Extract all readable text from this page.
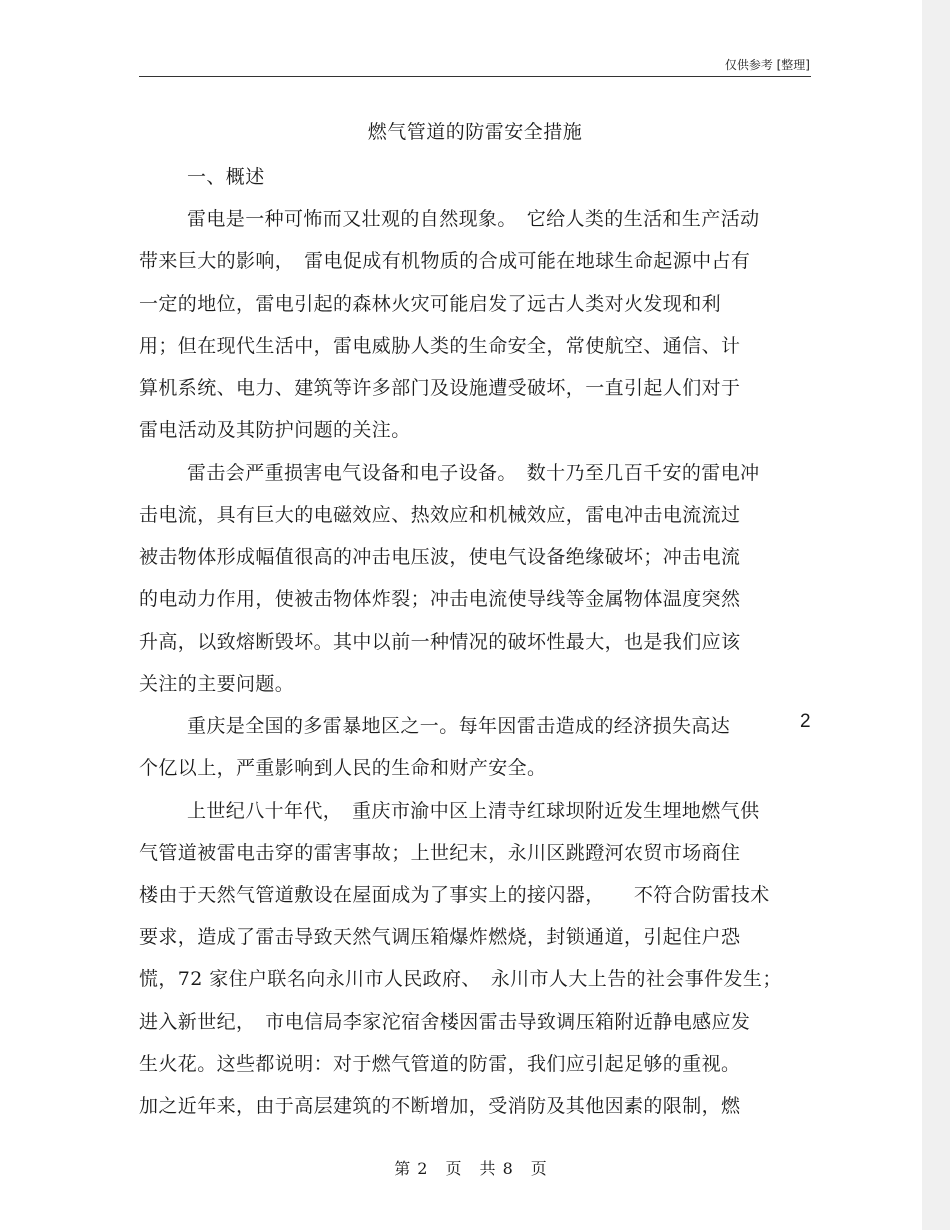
仅供参考 [整理]
燃气管道的防雷安全措施
一、概述
雷电是一种可怖而又壮观的自然现象。　它给人类的生活和生产活动
带来巨大的影响，　雷电促成有机物质的合成可能在地球生命起源中占有
一定的地位，雷电引起的森林火灾可能启发了远古人类对火发现和利
用；但在现代生活中，雷电威胁人类的生命安全，常使航空、通信、计
算机系统、电力、建筑等许多部门及设施遭受破坏，一直引起人们对于
雷电活动及其防护问题的关注。
雷击会严重损害电气设备和电子设备。　数十乃至几百千安的雷电冲
击电流，具有巨大的电磁效应、热效应和机械效应，雷电冲击电流流过
被击物体形成幅值很高的冲击电压波，使电气设备绝缘破坏；冲击电流
的电动力作用，使被击物体炸裂；冲击电流使导线等金属物体温度突然
升高，以致熔断毁坏。其中以前一种情况的破坏性最大，也是我们应该
关注的主要问题。
重庆是全国的多雷暴地区之一。每年因雷击造成的经济损失高达	2
个亿以上，严重影响到人民的生命和财产安全。
上世纪八十年代，　重庆市渝中区上清寺红球坝附近发生埋地燃气供
气管道被雷电击穿的雷害事故；上世纪末，永川区跳蹬河农贸市场商住
楼由于天然气管道敷设在屋面成为了事实上的接闪器，　　不符合防雷技术
要求，造成了雷击导致天然气调压箱爆炸燃烧，封锁通道，引起住户恐
慌，72 家住户联名向永川市人民政府、　永川市人大上告的社会事件发生；
进入新世纪，　市电信局李家沱宿舍楼因雷击导致调压箱附近静电感应发
生火花。这些都说明：对于燃气管道的防雷，我们应引起足够的重视。
加之近年来，由于高层建筑的不断增加，受消防及其他因素的限制，燃
第 2　页　共 8　页
